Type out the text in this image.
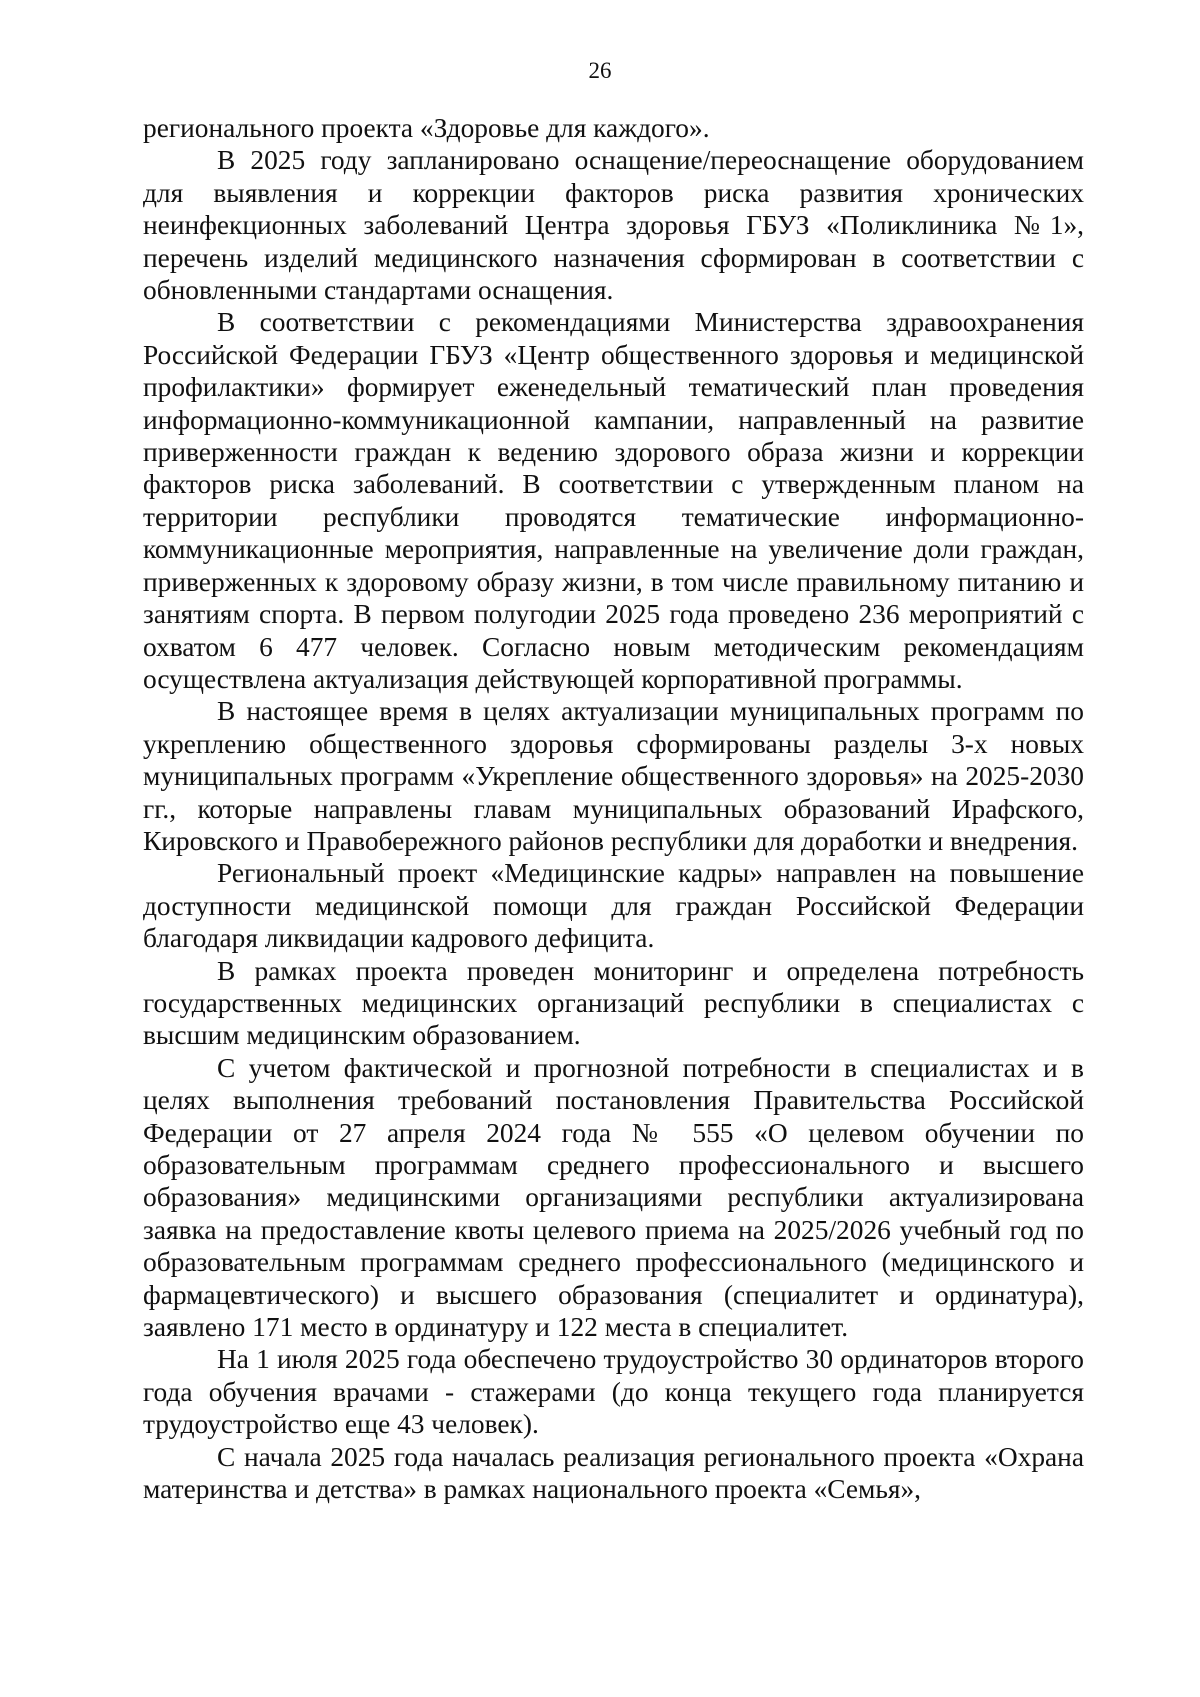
26

регионального проекта «Здоровье для каждого».

В 2025 году запланировано оснащение/переоснащение оборудованием для выявления и коррекции факторов риска развития хронических неинфекционных заболеваний Центра здоровья ГБУЗ «Поликлиника №1», перечень изделий медицинского назначения сформирован в соответствии с обновленными стандартами оснащения.

В соответствии с рекомендациями Министерства здравоохранения Российской Федерации ГБУЗ «Центр общественного здоровья и медицинской профилактики» формирует еженедельный тематический план проведения информационно-коммуникационной кампании, направленный на развитие приверженности граждан к ведению здорового образа жизни и коррекции факторов риска заболеваний. В соответствии с утвержденным планом на территории республики проводятся тематические информационно-коммуникационные мероприятия, направленные на увеличение доли граждан, приверженных к здоровому образу жизни, в том числе правильному питанию и занятиям спорта. В первом полугодии 2025 года проведено 236 мероприятий с охватом 6 477 человек. Согласно новым методическим рекомендациям осуществлена актуализация действующей корпоративной программы.

В настоящее время в целях актуализации муниципальных программ по укреплению общественного здоровья сформированы разделы 3-х новых муниципальных программ «Укрепление общественного здоровья» на 2025-2030 гг., которые направлены главам муниципальных образований Ирафского, Кировского и Правобережного районов республики для доработки и внедрения.

Региональный проект «Медицинские кадры» направлен на повышение доступности медицинской помощи для граждан Российской Федерации благодаря ликвидации кадрового дефицита.

В рамках проекта проведен мониторинг и определена потребность государственных медицинских организаций республики в специалистах с высшим медицинским образованием.

С учетом фактической и прогнозной потребности в специалистах и в целях выполнения требований постановления Правительства Российской Федерации от 27 апреля 2024 года № 555 «О целевом обучении по образовательным программам среднего профессионального и высшего образования» медицинскими организациями республики актуализирована заявка на предоставление квоты целевого приема на 2025/2026 учебный год по образовательным программам среднего профессионального (медицинского и фармацевтического) и высшего образования (специалитет и ординатура), заявлено 171 место в ординатуру и 122 места в специалитет.

На 1 июля 2025 года обеспечено трудоустройство 30 ординаторов второго года обучения врачами - стажерами (до конца текущего года планируется трудоустройство еще 43 человек).

С начала 2025 года началась реализация регионального проекта «Охрана материнства и детства» в рамках национального проекта «Семья»,
